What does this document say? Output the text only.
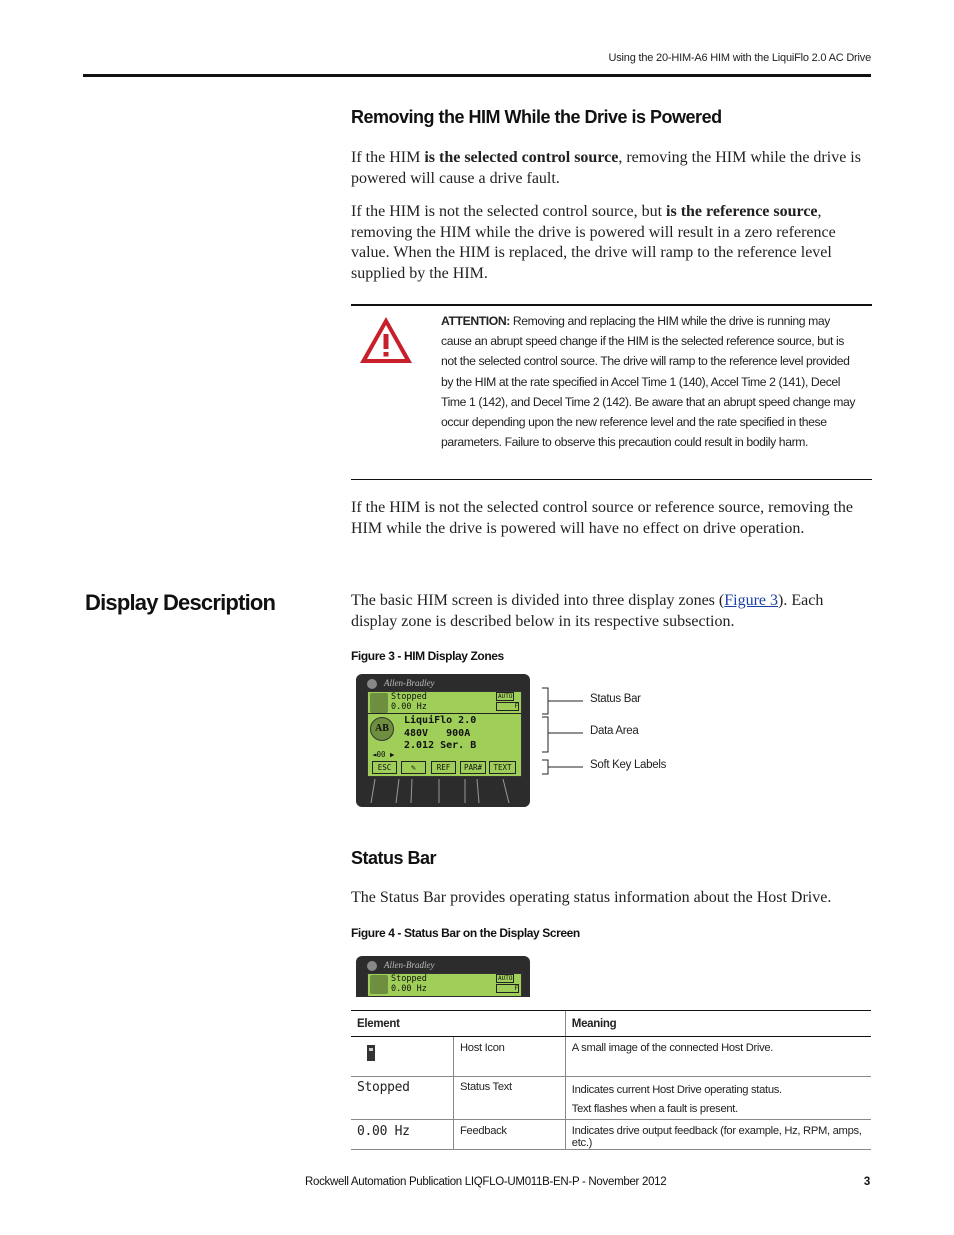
Using the 20-HIM-A6 HIM with the LiquiFlo 2.0 AC Drive
Removing the HIM While the Drive is Powered

If the HIM is the selected control source, removing the HIM while the drive is powered will cause a drive fault.

If the HIM is not the selected control source, but is the reference source, removing the HIM while the drive is powered will result in a zero reference value. When the HIM is replaced, the drive will ramp to the reference level supplied by the HIM.

ATTENTION: Removing and replacing the HIM while the drive is running may cause an abrupt speed change if the HIM is the selected reference source, but is not the selected control source. The drive will ramp to the reference level provided by the HIM at the rate specified in Accel Time 1 (140), Accel Time 2 (141), Decel Time 1 (142), and Decel Time 2 (142). Be aware that an abrupt speed change may occur depending upon the new reference level and the rate specified in these parameters. Failure to observe this precaution could result in bodily harm.

If the HIM is not the selected control source or reference source, removing the HIM while the drive is powered will have no effect on drive operation.

Display Description	The basic HIM screen is divided into three display zones (Figure 3). Each display zone is described below in its respective subsection.

Figure 3 - HIM Display Zones
Allen-Bradley
Stopped
0.00 Hz
AUTO
F
AB
LiquiFlo 2.0
480V   900A
2.012 Ser. B
◄00 ▶
ESC	✎	REF	PAR#	TEXT
Status Bar
Data Area
Soft Key Labels
Status Bar

The Status Bar provides operating status information about the Host Drive.

Figure 4 - Status Bar on the Display Screen
Allen-Bradley
Stopped
0.00 Hz
AUTO
F
Element		Meaning

	Host Icon	A small image of the connected Host Drive.
Stopped	Status Text	Indicates current Host Drive operating status.
Text flashes when a fault is present.

0.00 Hz	Feedback	Indicates drive output feedback (for example, Hz, RPM, amps, etc.)
Rockwell Automation Publication LIQFLO-UM011B-EN-P - November 2012	3
